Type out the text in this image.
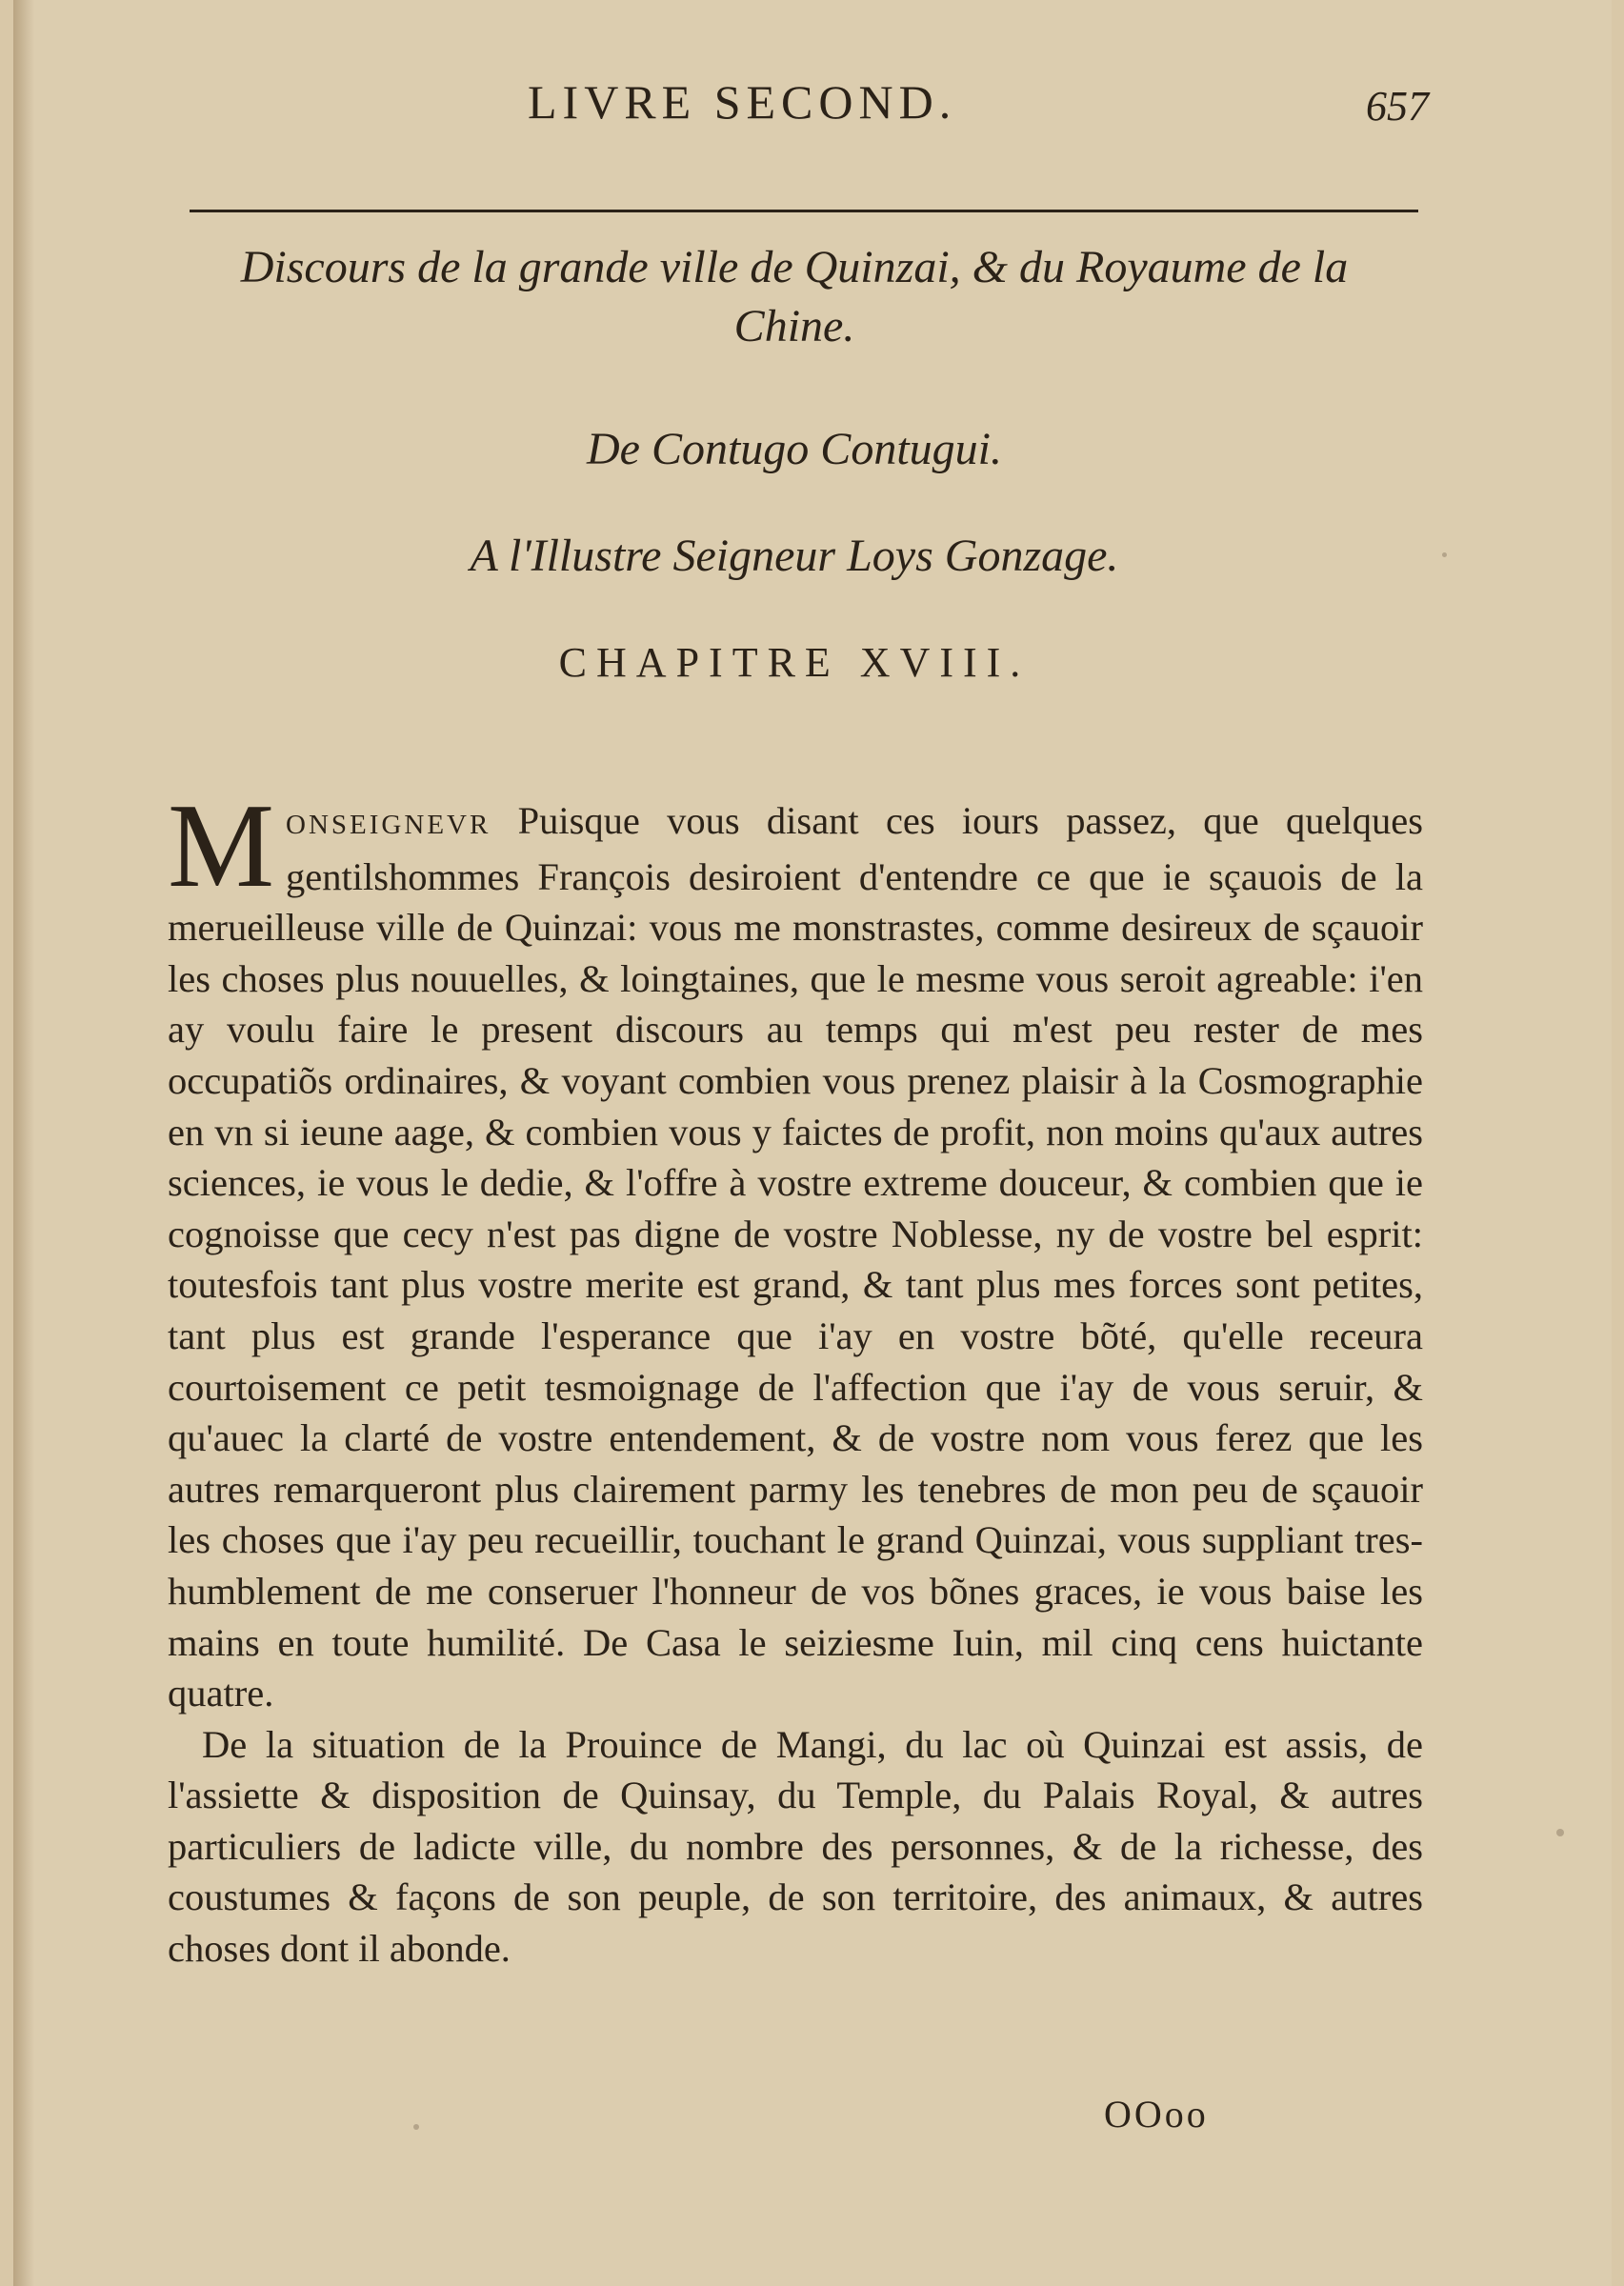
LIVRE SECOND.	657

Discours de la grande ville de Quinzai, & du Royaume de la Chine.

De Contugo Contugui.
A l'Illustre Seigneur Loys Gonzage.
CHAPITRE XVIII.

MONSEIGNEVR Puisque vous disant ces iours passez, que quelques gentilshommes François desiroient d'entendre ce que ie sçauois de la merueilleuse ville de Quinzai: vous me monstrastes, comme desireux de sçauoir les choses plus nouuelles, & loingtaines, que le mesme vous seroit agreable: i'en ay voulu faire le present discours au temps qui m'est peu rester de mes occupatiõs ordinaires, & voyant combien vous prenez plaisir à la Cosmographie en vn si ieune aage, & combien vous y faictes de profit, non moins qu'aux autres sciences, ie vous le dedie, & l'offre à vostre extreme douceur, & combien que ie cognoisse que cecy n'est pas digne de vostre Noblesse, ny de vostre bel esprit: toutesfois tant plus vostre merite est grand, & tant plus mes forces sont petites, tant plus est grande l'esperance que i'ay en vostre bõté, qu'elle receura courtoisement ce petit tesmoignage de l'affection que i'ay de vous seruir, & qu'auec la clarté de vostre entendement, & de vostre nom vous ferez que les autres remarqueront plus clairement parmy les tenebres de mon peu de sçauoir les choses que i'ay peu recueillir, touchant le grand Quinzai, vous suppliant tres-humblement de me conseruer l'honneur de vos bõnes graces, ie vous baise les mains en toute humilité. De Casa le seiziesme Iuin, mil cinq cens huictante quatre.

De la situation de la Prouince de Mangi, du lac où Quinzai est assis, de l'assiette & disposition de Quinsay, du Temple, du Palais Royal, & autres particuliers de ladicte ville, du nombre des personnes, & de la richesse, des coustumes & façons de son peuple, de son territoire, des animaux, & autres choses dont il abonde.

OOoo
